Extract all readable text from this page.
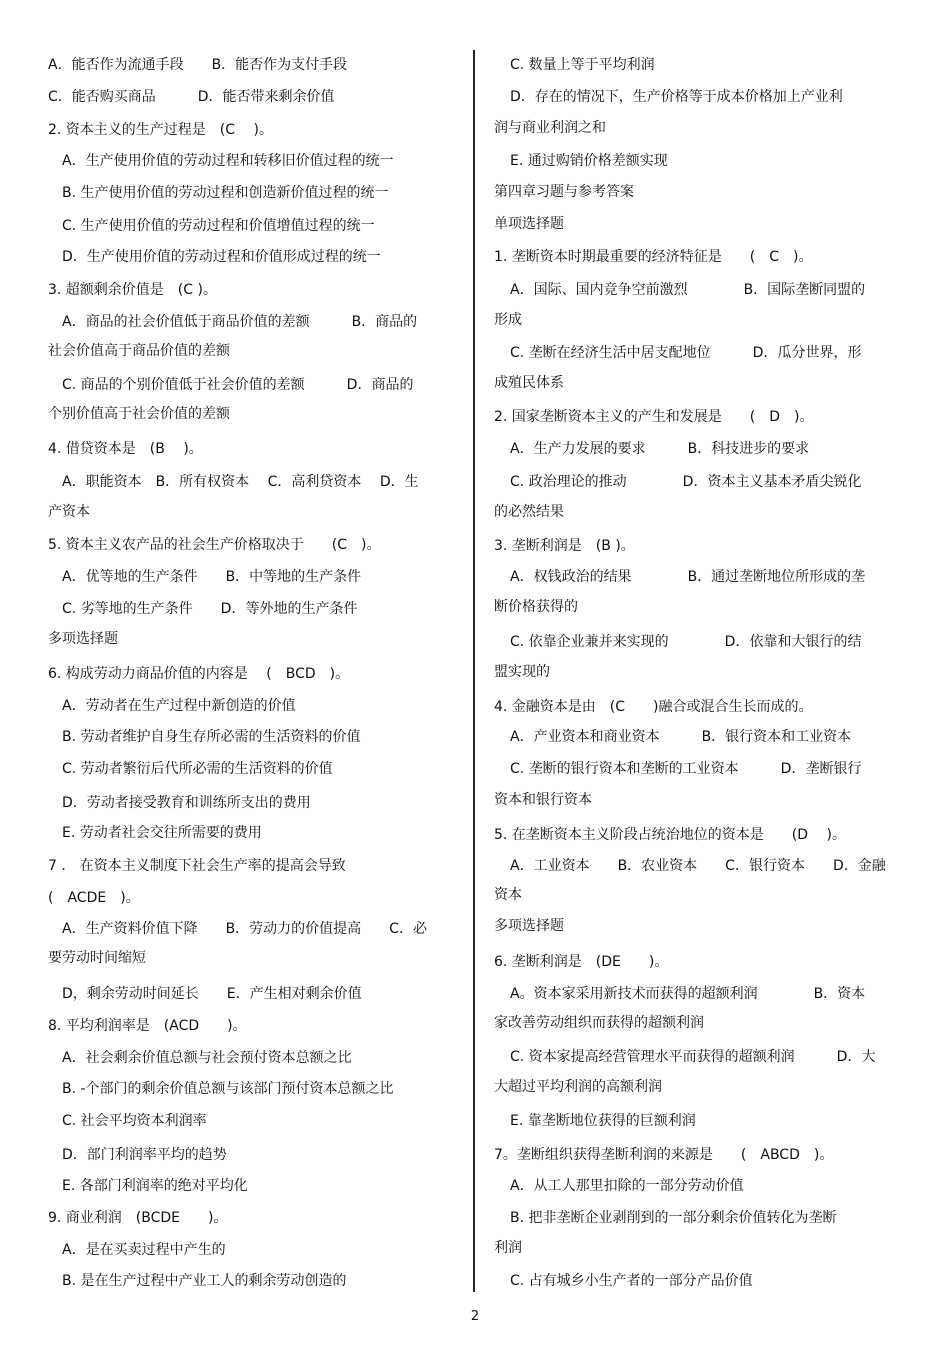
A．能否作为流通手段　　B．能否作为支付手段
C．能否购买商品　　　D．能否带来剩余价值
2. 资本主义的生产过程是　(C　 )。
A．生产使用价值的劳动过程和转移旧价值过程的统一
B. 生产使用价值的劳动过程和创造新价值过程的统一
C. 生产使用价值的劳动过程和价值增值过程的统一
D．生产使用价值的劳动过程和价值形成过程的统一
3. 超额剩余价值是　(C )。
A．商品的社会价值低于商品价值的差额　　　B．商品的
社会价值高于商品价值的差额
C. 商品的个别价值低于社会价值的差额　　　D．商品的
个别价值高于社会价值的差额
4. 借贷资本是　(B　 )。
A．职能资本　B．所有权资本　 C．高利贷资本　 D．生
产资本
5. 资本主义农产品的社会生产价格取决于　　(C　)。
A．优等地的生产条件　　B．中等地的生产条件
C. 劣等地的生产条件　　D．等外地的生产条件
多项选择题
6. 构成劳动力商品价值的内容是　 (　BCD　)。
A．劳动者在生产过程中新创造的价值
B. 劳动者维护自身生存所必需的生活资料的价值
C. 劳动者繁衍后代所必需的生活资料的价值
D．劳动者接受教育和训练所支出的费用
E. 劳动者社会交往所需要的费用
7 .　在资本主义制度下社会生产率的提高会导致
(　ACDE　)。
A．生产资料价值下降　　B．劳动力的价值提高　　C．必
要劳动时间缩短
D，剩余劳动时间延长　　E．产生相对剩余价值
8. 平均利润率是　(ACD　　)。
A．社会剩余价值总额与社会预付资本总额之比
B. -个部门的剩余价值总额与该部门预付资本总额之比
C. 社会平均资本利润率
D．部门利润率平均的趋势
E. 各部门利润率的绝对平均化
9. 商业利润　(BCDE　　)。
A．是在买卖过程中产生的
B. 是在生产过程中产业工人的剩余劳动创造的
C. 数量上等于平均利润
D．存在的情况下，生产价格等于成本价格加上产业利
润与商业利润之和
E. 通过购销价格差额实现
第四章习题与参考答案
单项选择题
1. 垄断资本时期最重要的经济特征是　　(　C　)。
A．国际、国内竞争空前激烈　　　　B．国际垄断同盟的
形成
C. 垄断在经济生活中居支配地位　　　D．瓜分世界，形
成殖民体系
2. 国家垄断资本主义的产生和发展是　　(　D　)。
A．生产力发展的要求　　　B．科技进步的要求
C. 政治理论的推动　　　　D．资本主义基本矛盾尖锐化
的必然结果
3. 垄断利润是　(B )。
A．权钱政治的结果　　　　B．通过垄断地位所形成的垄
断价格获得的
C. 依靠企业兼并来实现的　　　　D．依靠和大银行的结
盟实现的
4. 金融资本是由　(C　　)融合或混合生长而成的。
A．产业资本和商业资本　　　B．银行资本和工业资本
C. 垄断的银行资本和垄断的工业资本　　　D．垄断银行
资本和银行资本
5. 在垄断资本主义阶段占统治地位的资本是　　(D　 )。
A．工业资本　　B．农业资本　　C．银行资本　　D．金融
资本
多项选择题
6. 垄断利润是　(DE　　)。
A。资本家采用新技术而获得的超额利润　　　　B．资本
家改善劳动组织而获得的超额利润
C. 资本家提高经营管理水平而获得的超额利润　　　D．大
大超过平均利润的高额利润
E. 靠垄断地位获得的巨额利润
7。垄断组织获得垄断利润的来源是　　(　ABCD　)。
A．从工人那里扣除的一部分劳动价值
B. 把非垄断企业剥削到的一部分剩余价值转化为垄断
利润
C. 占有城乡小生产者的一部分产品价值
2
